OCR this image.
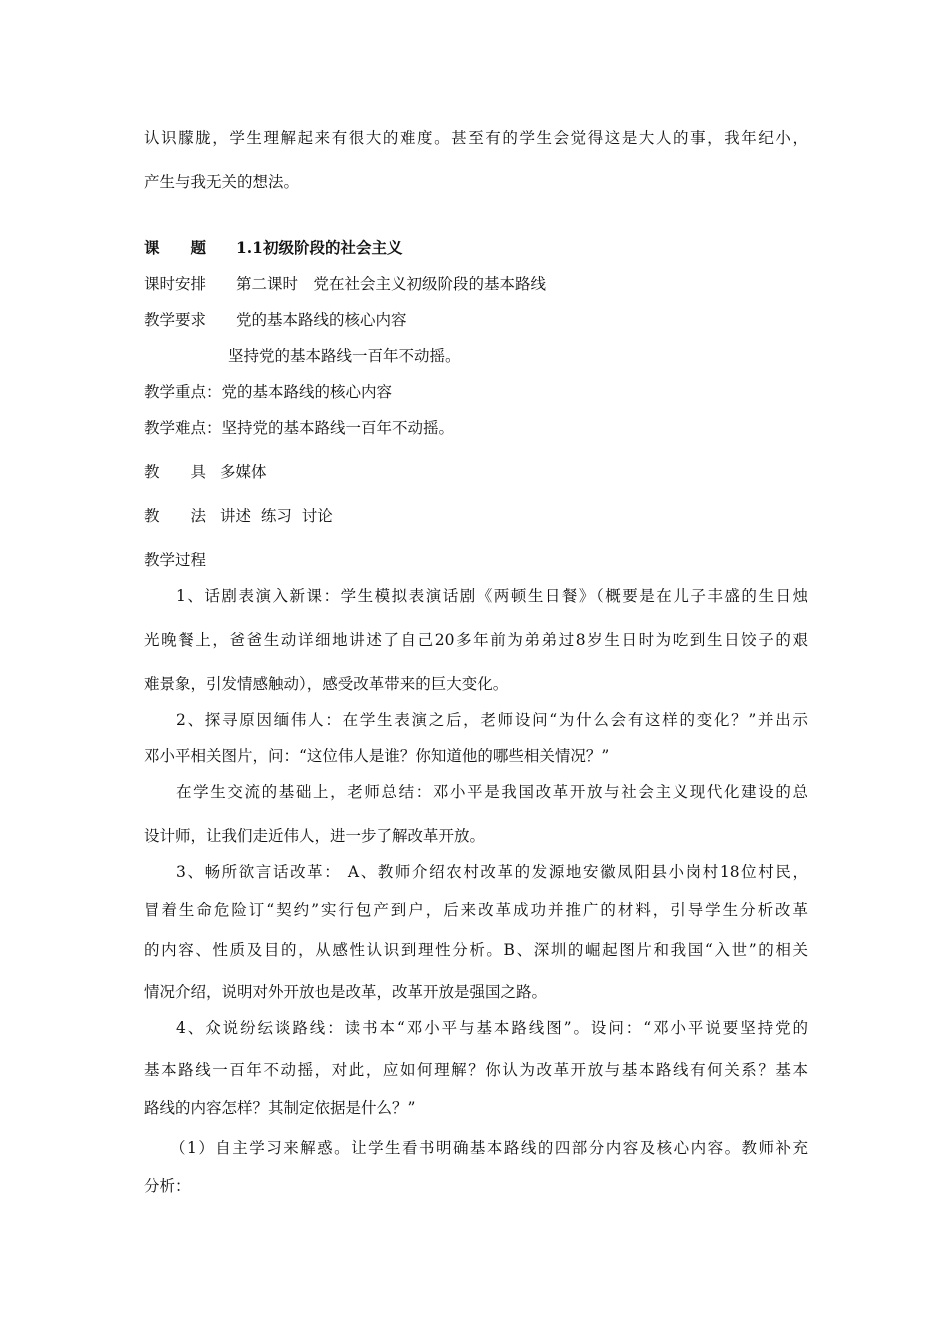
认识朦胧，学生理解起来有很大的难度。甚至有的学生会觉得这是大人的事，我年纪小，
产生与我无关的想法。
课　　题 1.1初级阶段的社会主义
课时安排 第二课时　党在社会主义初级阶段的基本路线
教学要求 党的基本路线的核心内容
坚持党的基本路线一百年不动摇。
教学重点：党的基本路线的核心内容
教学难点：坚持党的基本路线一百年不动摇。
教　　具 多媒体
教　　法 讲述  练习  讨论
教学过程
1、话剧表演入新课：学生模拟表演话剧《两顿生日餐》（概要是在儿子丰盛的生日烛
光晚餐上，爸爸生动详细地讲述了自己20多年前为弟弟过8岁生日时为吃到生日饺子的艰
难景象，引发情感触动），感受改革带来的巨大变化。
2、探寻原因缅伟人：在学生表演之后，老师设问“为什么会有这样的变化？”并出示
邓小平相关图片，问：“这位伟人是谁？你知道他的哪些相关情况？”
在学生交流的基础上，老师总结：邓小平是我国改革开放与社会主义现代化建设的总
设计师，让我们走近伟人，进一步了解改革开放。
3、畅所欲言话改革： A、教师介绍农村改革的发源地安徽凤阳县小岗村18位村民，
冒着生命危险订“契约”实行包产到户，后来改革成功并推广的材料，引导学生分析改革
的内容、性质及目的，从感性认识到理性分析。B、深圳的崛起图片和我国“入世”的相关
情况介绍，说明对外开放也是改革，改革开放是强国之路。
4、众说纷纭谈路线：读书本“邓小平与基本路线图”。设问：“邓小平说要坚持党的
基本路线一百年不动摇，对此，应如何理解？你认为改革开放与基本路线有何关系？基本
路线的内容怎样？其制定依据是什么？”
（1）自主学习来解惑。让学生看书明确基本路线的四部分内容及核心内容。教师补充
分析：
